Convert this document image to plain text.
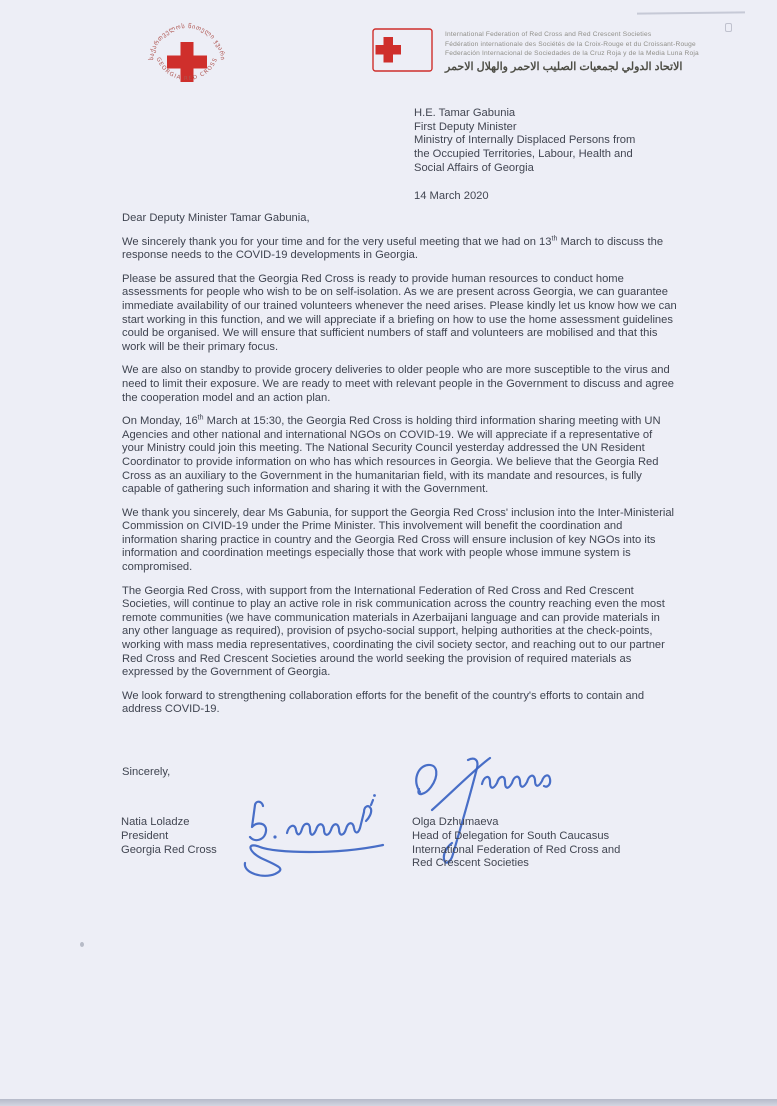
საქართველოს წითელი ჯვარი
GEORGIA RED CROSS
International Federation of Red Cross and Red Crescent Societies
Fédération internationale des Sociétés de la Croix-Rouge et du Croissant-Rouge
Federación Internacional de Sociedades de la Cruz Roja y de la Media Luna Roja
الاتحاد الدولي لجمعيات الصليب الاحمر والهلال الاحمر
H.E. Tamar Gabunia
First Deputy Minister
Ministry of Internally Displaced Persons from
the Occupied Territories, Labour, Health and
Social Affairs of Georgia
14 March 2020

Dear Deputy Minister Tamar Gabunia,

We sincerely thank you for your time and for the very useful meeting that we had on 13th March to discuss the response needs to the COVID-19 developments in Georgia.

Please be assured that the Georgia Red Cross is ready to provide human resources to conduct home assessments for people who wish to be on self-isolation. As we are present across Georgia, we can guarantee immediate availability of our trained volunteers whenever the need arises. Please kindly let us know how we can start working in this function, and we will appreciate if a briefing on how to use the home assessment guidelines could be organised. We will ensure that sufficient numbers of staff and volunteers are mobilised and that this work will be their primary focus.

We are also on standby to provide grocery deliveries to older people who are more susceptible to the virus and need to limit their exposure. We are ready to meet with relevant people in the Government to discuss and agree the cooperation model and an action plan.

On Monday, 16th March at 15:30, the Georgia Red Cross is holding third information sharing meeting with UN Agencies and other national and international NGOs on COVID-19. We will appreciate if a representative of your Ministry could join this meeting. The National Security Council yesterday addressed the UN Resident Coordinator to provide information on who has which resources in Georgia. We believe that the Georgia Red Cross as an auxiliary to the Government in the humanitarian field, with its mandate and resources, is fully capable of gathering such information and sharing it with the Government.

We thank you sincerely, dear Ms Gabunia, for support the Georgia Red Cross' inclusion into the Inter-Ministerial Commission on CIVID-19 under the Prime Minister. This involvement will benefit the coordination and information sharing practice in country and the Georgia Red Cross will ensure inclusion of key NGOs into its information and coordination meetings especially those that work with people whose immune system is compromised.

The Georgia Red Cross, with support from the International Federation of Red Cross and Red Crescent Societies, will continue to play an active role in risk communication across the country reaching even the most remote communities (we have communication materials in Azerbaijani language and can provide materials in any other language as required), provision of psycho-social support, helping authorities at the check-points, working with mass media representatives, coordinating the civil society sector, and reaching out to our partner Red Cross and Red Crescent Societies around the world seeking the provision of required materials as expressed by the Government of Georgia.

We look forward to strengthening collaboration efforts for the benefit of the country's efforts to contain and address COVID-19.

Sincerely,
Natia Loladze
President
Georgia Red Cross
Olga Dzhumaeva
Head of Delegation for South Caucasus
International Federation of Red Cross and
Red Crescent Societies
